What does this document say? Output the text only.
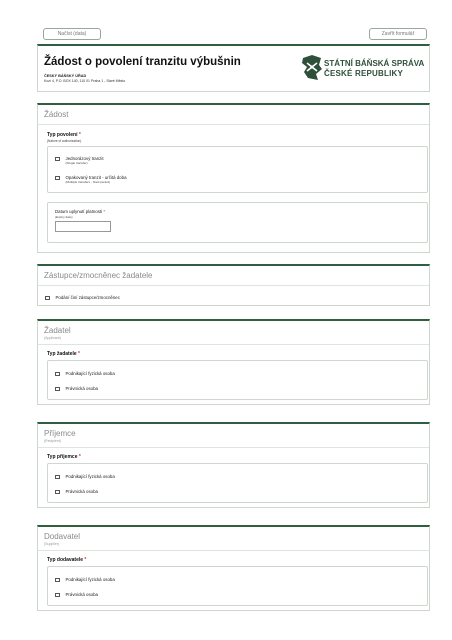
Načíst (data)	Zavřít formulář
Žádost o povolení tranzitu výbušnin
ČESKÝ BÁŇSKÝ ÚŘAD
Kozí 4, P.O. BOX 140, 110 01 Praha 1 - Staré Město
STÁTNÍ BÁŇSKÁ SPRÁVA
ČESKÉ REPUBLIKY
Žádost
Typ povolení *
(Nature of authorization)
Jednorázový tranzit
(Single transfer)
Opakovaný tranzit - určitá doba
(Multiple transfers - fixed period)
Datum uplynutí platnosti *
(Expiry date)
Zástupce/zmocněnec žadatele
Podání činí zástupce/zmocněnec
Žadatel
(Applicant)
Typ žadatele *
Podnikající fyzická osoba
Právnická osoba
Příjemce
(Recipient)
Typ příjemce *
Podnikající fyzická osoba
Právnická osoba
Dodavatel
(Supplier)
Typ dodavatele *
Podnikající fyzická osoba
Právnická osoba
